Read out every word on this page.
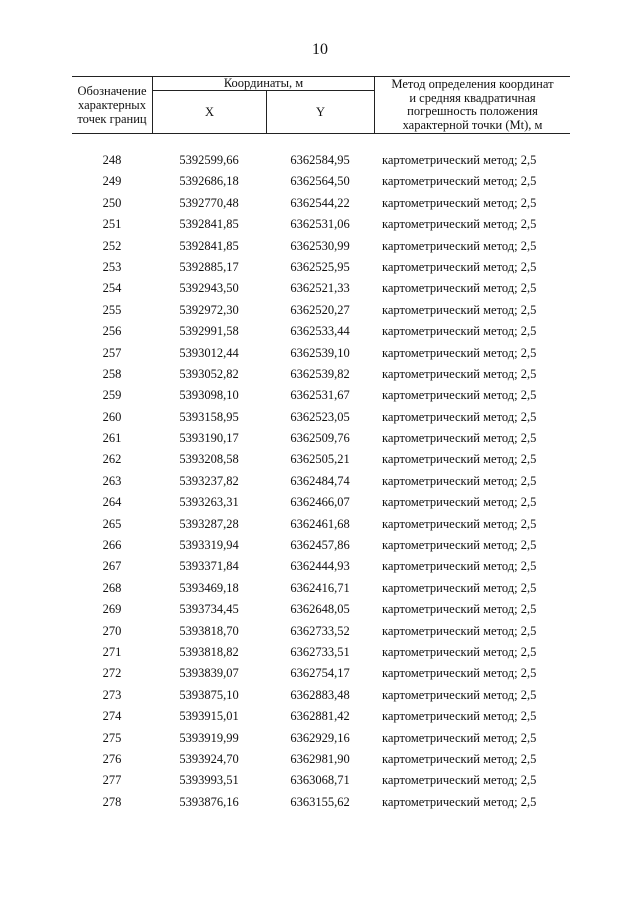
10
Обозначение
характерных
точек границ
Координаты, м
X	Y
Метод определения координат
и средняя квадратичная
погрешность положения
характерной точки (Mt), м
248	5392599,66	6362584,95	картометрический метод; 2,5
249	5392686,18	6362564,50	картометрический метод; 2,5
250	5392770,48	6362544,22	картометрический метод; 2,5
251	5392841,85	6362531,06	картометрический метод; 2,5
252	5392841,85	6362530,99	картометрический метод; 2,5
253	5392885,17	6362525,95	картометрический метод; 2,5
254	5392943,50	6362521,33	картометрический метод; 2,5
255	5392972,30	6362520,27	картометрический метод; 2,5
256	5392991,58	6362533,44	картометрический метод; 2,5
257	5393012,44	6362539,10	картометрический метод; 2,5
258	5393052,82	6362539,82	картометрический метод; 2,5
259	5393098,10	6362531,67	картометрический метод; 2,5
260	5393158,95	6362523,05	картометрический метод; 2,5
261	5393190,17	6362509,76	картометрический метод; 2,5
262	5393208,58	6362505,21	картометрический метод; 2,5
263	5393237,82	6362484,74	картометрический метод; 2,5
264	5393263,31	6362466,07	картометрический метод; 2,5
265	5393287,28	6362461,68	картометрический метод; 2,5
266	5393319,94	6362457,86	картометрический метод; 2,5
267	5393371,84	6362444,93	картометрический метод; 2,5
268	5393469,18	6362416,71	картометрический метод; 2,5
269	5393734,45	6362648,05	картометрический метод; 2,5
270	5393818,70	6362733,52	картометрический метод; 2,5
271	5393818,82	6362733,51	картометрический метод; 2,5
272	5393839,07	6362754,17	картометрический метод; 2,5
273	5393875,10	6362883,48	картометрический метод; 2,5
274	5393915,01	6362881,42	картометрический метод; 2,5
275	5393919,99	6362929,16	картометрический метод; 2,5
276	5393924,70	6362981,90	картометрический метод; 2,5
277	5393993,51	6363068,71	картометрический метод; 2,5
278	5393876,16	6363155,62	картометрический метод; 2,5
